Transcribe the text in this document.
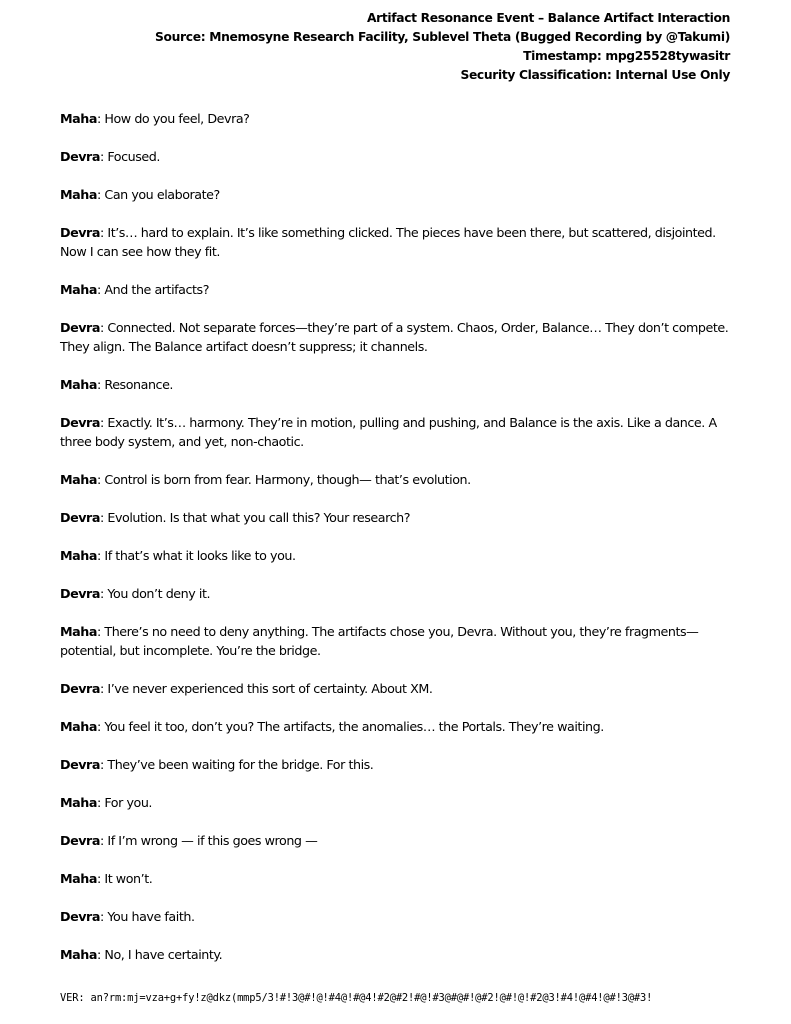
Artifact Resonance Event – Balance Artifact Interaction
Source: Mnemosyne Research Facility, Sublevel Theta (Bugged Recording by @Takumi)
Timestamp: mpg25528tywasitr
Security Classification: Internal Use Only

Maha: How do you feel, Devra?

Devra: Focused.

Maha: Can you elaborate?

Devra: It’s… hard to explain. It’s like something clicked. The pieces have been there, but scattered, disjointed. Now I can see how they fit.

Maha: And the artifacts?

Devra: Connected. Not separate forces—they’re part of a system. Chaos, Order, Balance… They don’t compete. They align. The Balance artifact doesn’t suppress; it channels.

Maha: Resonance.

Devra: Exactly. It’s… harmony. They’re in motion, pulling and pushing, and Balance is the axis. Like a dance. A three body system, and yet, non-chaotic.

Maha: Control is born from fear. Harmony, though— that’s evolution.

Devra: Evolution. Is that what you call this? Your research?

Maha: If that’s what it looks like to you.

Devra: You don’t deny it.

Maha: There’s no need to deny anything. The artifacts chose you, Devra. Without you, they’re fragments— potential, but incomplete. You’re the bridge.

Devra: I’ve never experienced this sort of certainty. About XM.

Maha: You feel it too, don’t you? The artifacts, the anomalies… the Portals. They’re waiting.

Devra: They’ve been waiting for the bridge. For this.

Maha: For you.

Devra: If I’m wrong — if this goes wrong —

Maha: It won’t.

Devra: You have faith.

Maha: No, I have certainty.

VER: an?rm:mj=vza+g+fy!z@dkz(mmp5/3!#!3@#!@!#4@!#@4!#2@#2!#@!#3@#@#!@#2!@#!@!#2@3!#4!@#4!@#!3@#3!
